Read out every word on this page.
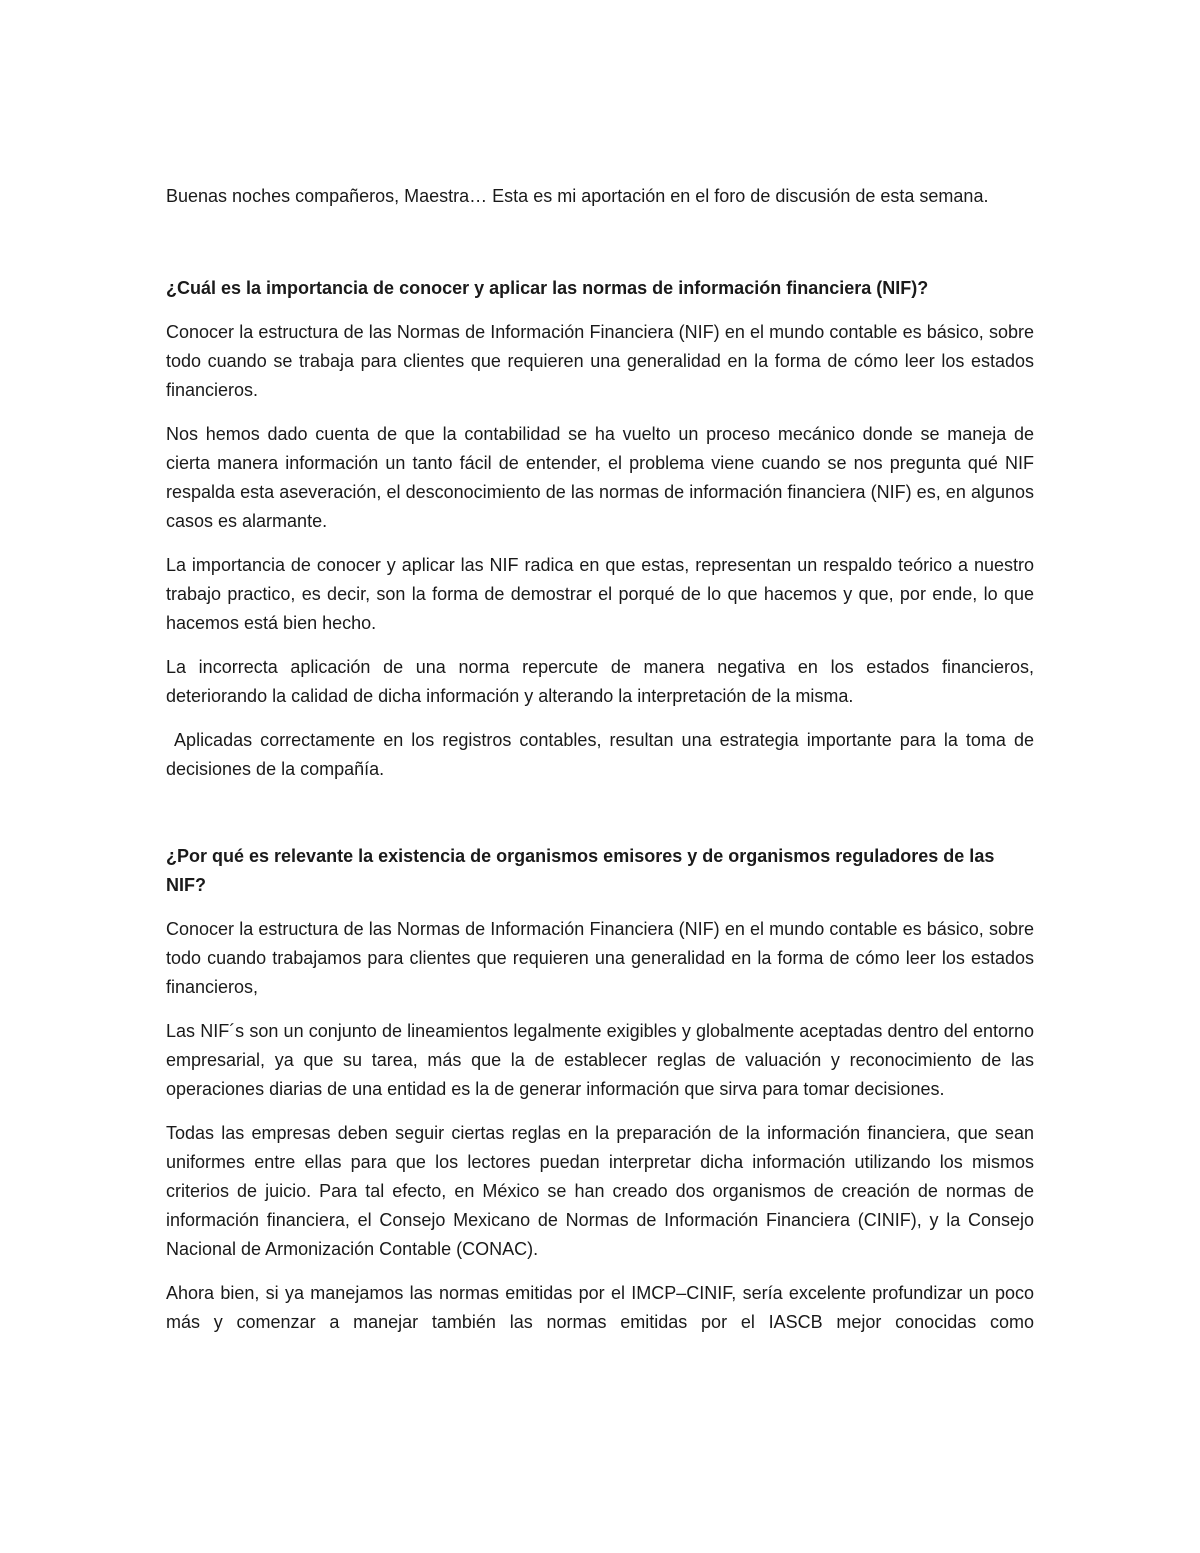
Buenas noches compañeros, Maestra… Esta es mi aportación en el foro de discusión de esta semana.

¿Cuál es la importancia de conocer y aplicar las normas de información financiera (NIF)?

Conocer la estructura de las Normas de Información Financiera (NIF) en el mundo contable es básico, sobre todo cuando se trabaja para clientes que requieren una generalidad en la forma de cómo leer los estados financieros.

Nos hemos dado cuenta de que la contabilidad se ha vuelto un proceso mecánico donde se maneja de cierta manera información un tanto fácil de entender, el problema viene cuando se nos pregunta qué NIF respalda esta aseveración, el desconocimiento de las normas de información financiera (NIF) es, en algunos casos es alarmante.

La importancia de conocer y aplicar las NIF radica en que estas, representan un respaldo teórico a nuestro trabajo practico, es decir, son la forma de demostrar el porqué de lo que hacemos y que, por ende, lo que hacemos está bien hecho.

La incorrecta aplicación de una norma repercute de manera negativa en los estados financieros, deteriorando la calidad de dicha información y alterando la interpretación de la misma.

Aplicadas correctamente en los registros contables, resultan una estrategia importante para la toma de decisiones de la compañía.

¿Por qué es relevante la existencia de organismos emisores y de organismos reguladores de las NIF?

Conocer la estructura de las Normas de Información Financiera (NIF) en el mundo contable es básico, sobre todo cuando trabajamos para clientes que requieren una generalidad en la forma de cómo leer los estados financieros,

Las NIF´s son un conjunto de lineamientos legalmente exigibles y globalmente aceptadas dentro del entorno empresarial, ya que su tarea, más que la de establecer reglas de valuación y reconocimiento de las operaciones diarias de una entidad es la de generar información que sirva para tomar decisiones.

Todas las empresas deben seguir ciertas reglas en la preparación de la información financiera, que sean uniformes entre ellas para que los lectores puedan interpretar dicha información utilizando los mismos criterios de juicio. Para tal efecto, en México se han creado dos organismos de creación de normas de información financiera, el Consejo Mexicano de Normas de Información Financiera (CINIF), y la Consejo Nacional de Armonización Contable (CONAC).

Ahora bien, si ya manejamos las normas emitidas por el IMCP–CINIF, sería excelente profundizar un poco más y comenzar a manejar también las normas emitidas por el IASCB mejor conocidas como
